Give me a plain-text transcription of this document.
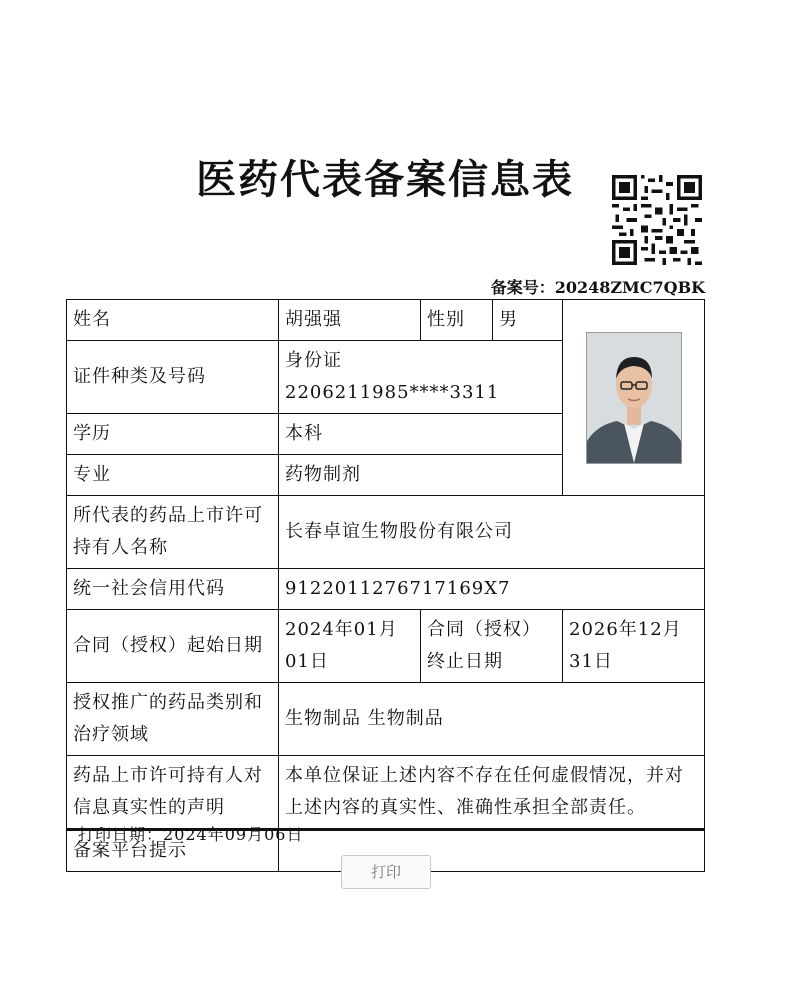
医药代表备案信息表
备案号：20248ZMC7QBK
姓名	胡强强	性别	男	

证件种类及号码	身份证 2206211985****3311			
学历	本科			
专业	药物制剂			
所代表的药品上市许可持有人名称	长春卓谊生物股份有限公司			
统一社会信用代码	9122011276717169X7			
合同（授权）起始日期	2024年01月01日	合同（授权）终止日期		2026年12月31日
授权推广的药品类别和治疗领域	生物制品 生物制品			
药品上市许可持有人对信息真实性的声明	本单位保证上述内容不存在任何虚假情况，并对上述内容的真实性、准确性承担全部责任。			
备案平台提示				
打印日期：2024年09月06日
打印
